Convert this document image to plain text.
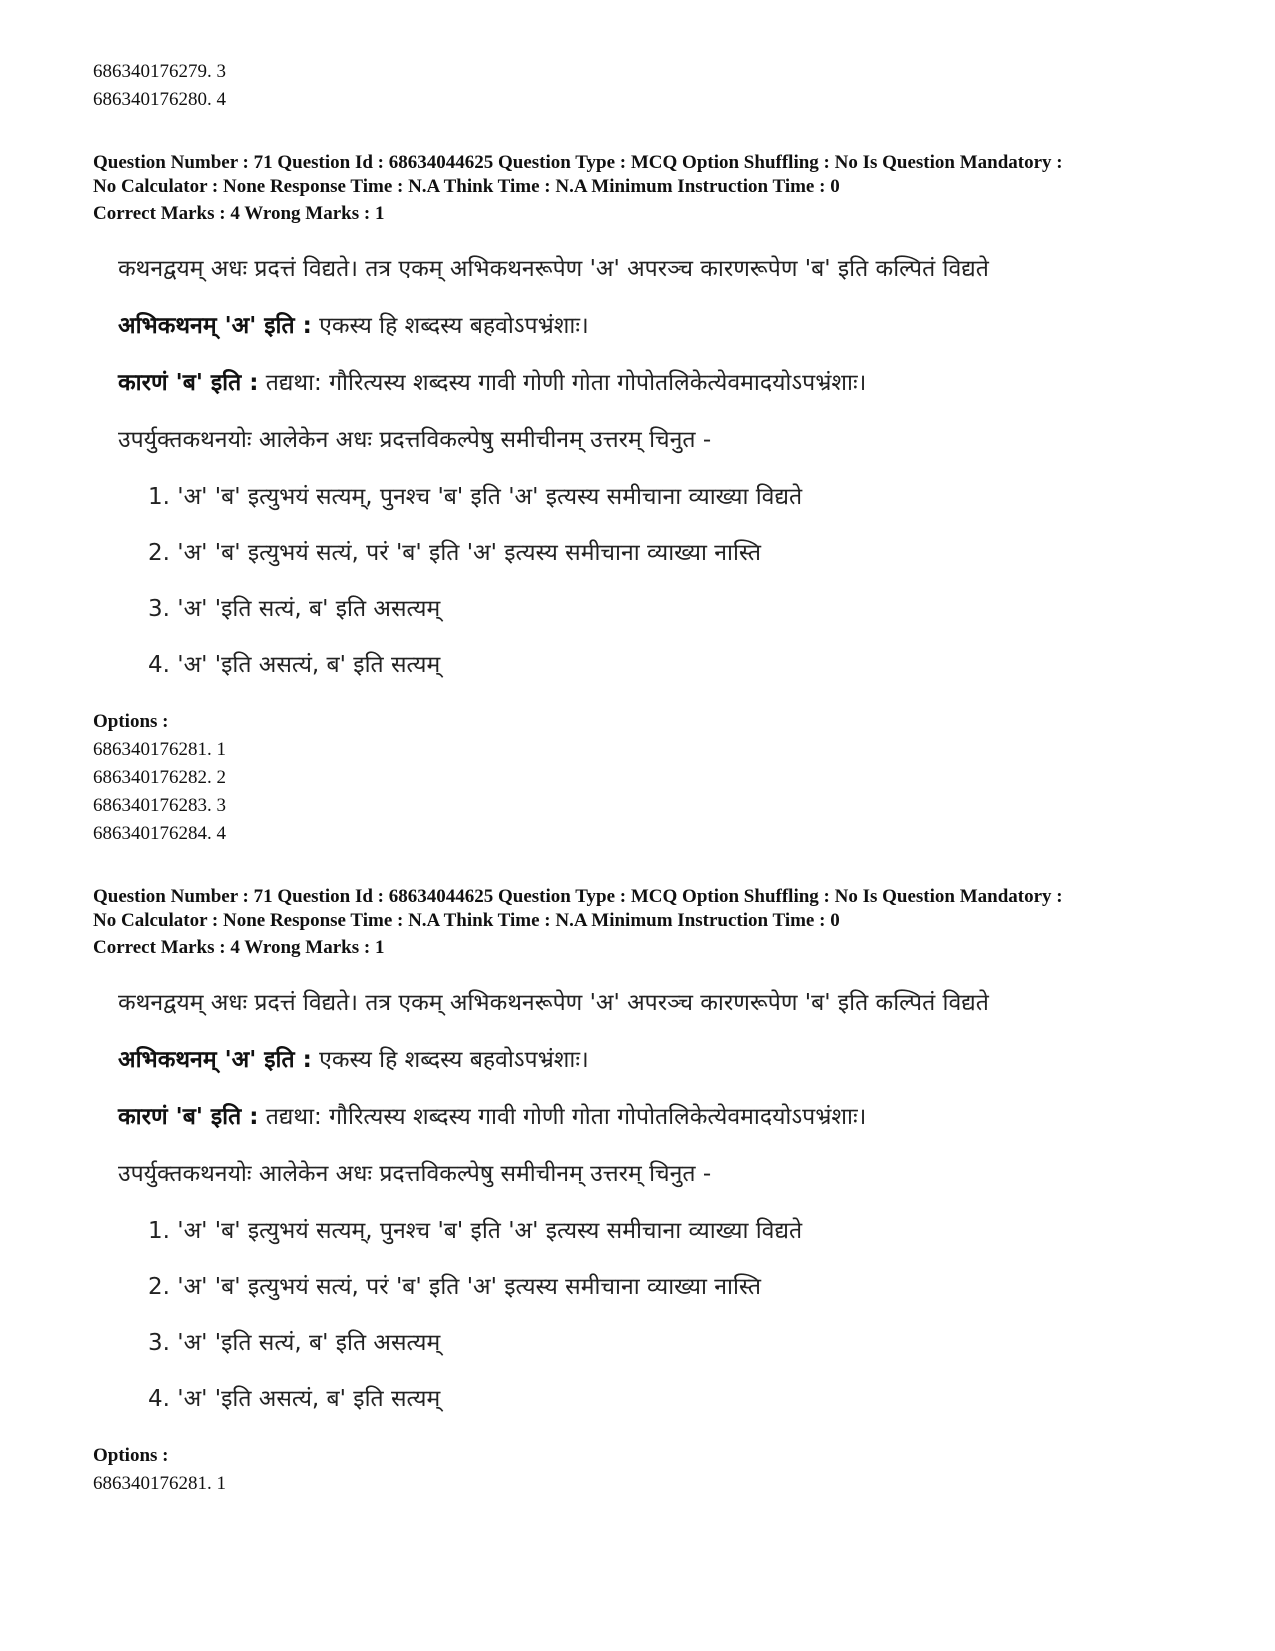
686340176279. 3
686340176280. 4
Question Number : 71 Question Id : 68634044625 Question Type : MCQ Option Shuffling : No Is Question Mandatory :
No Calculator : None Response Time : N.A Think Time : N.A Minimum Instruction Time : 0
Correct Marks : 4 Wrong Marks : 1
कथनद्वयम् अधः प्रदत्तं विद्यते। तत्र एकम् अभिकथनरूपेण 'अ' अपरञ्च कारणरूपेण 'ब' इति कल्पितं विद्यते
अभिकथनम् 'अ' इति : एकस्य हि शब्दस्य बहवोऽपभ्रंशाः।
कारणं 'ब' इति : तद्यथा: गौरित्यस्य शब्दस्य गावी गोणी गोता गोपोतलिकेत्येवमादयोऽपभ्रंशाः।
उपर्युक्तकथनयोः आलेकेन अधः प्रदत्तविकल्पेषु समीचीनम् उत्तरम् चिनुत -
1. 'अ' 'ब' इत्युभयं सत्यम्, पुनश्च 'ब' इति 'अ' इत्यस्य समीचाना व्याख्या विद्यते
2. 'अ' 'ब' इत्युभयं सत्यं, परं 'ब' इति 'अ' इत्यस्य समीचाना व्याख्या नास्ति
3. 'अ' 'इति सत्यं, ब' इति असत्यम्
4. 'अ' 'इति असत्यं, ब' इति सत्यम्
Options :
686340176281. 1
686340176282. 2
686340176283. 3
686340176284. 4
Question Number : 71 Question Id : 68634044625 Question Type : MCQ Option Shuffling : No Is Question Mandatory :
No Calculator : None Response Time : N.A Think Time : N.A Minimum Instruction Time : 0
Correct Marks : 4 Wrong Marks : 1
कथनद्वयम् अधः प्रदत्तं विद्यते। तत्र एकम् अभिकथनरूपेण 'अ' अपरञ्च कारणरूपेण 'ब' इति कल्पितं विद्यते
अभिकथनम् 'अ' इति : एकस्य हि शब्दस्य बहवोऽपभ्रंशाः।
कारणं 'ब' इति : तद्यथा: गौरित्यस्य शब्दस्य गावी गोणी गोता गोपोतलिकेत्येवमादयोऽपभ्रंशाः।
उपर्युक्तकथनयोः आलेकेन अधः प्रदत्तविकल्पेषु समीचीनम् उत्तरम् चिनुत -
1. 'अ' 'ब' इत्युभयं सत्यम्, पुनश्च 'ब' इति 'अ' इत्यस्य समीचाना व्याख्या विद्यते
2. 'अ' 'ब' इत्युभयं सत्यं, परं 'ब' इति 'अ' इत्यस्य समीचाना व्याख्या नास्ति
3. 'अ' 'इति सत्यं, ब' इति असत्यम्
4. 'अ' 'इति असत्यं, ब' इति सत्यम्
Options :
686340176281. 1
